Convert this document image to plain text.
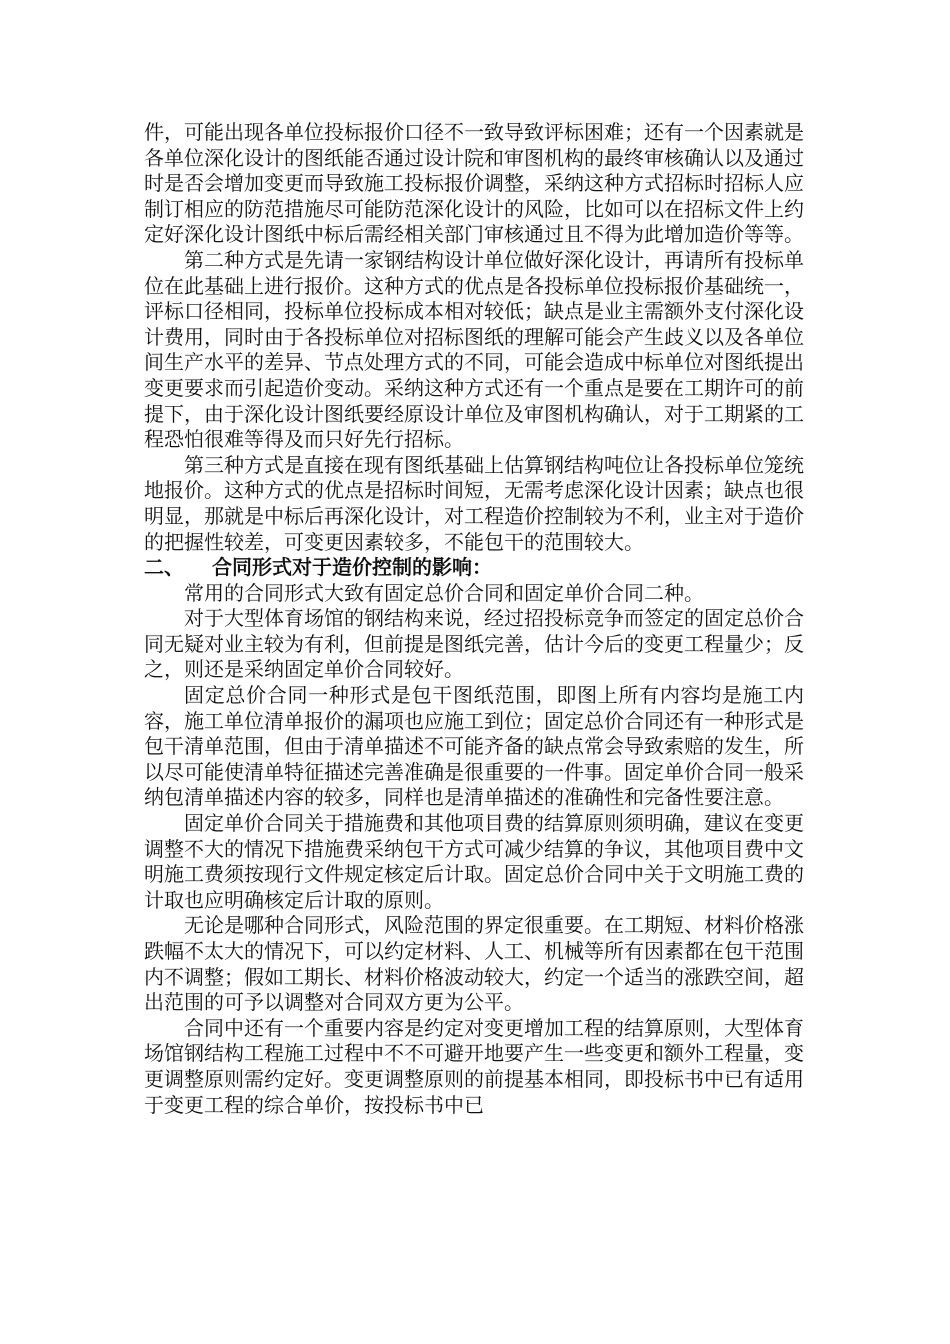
件，可能出现各单位投标报价口径不一致导致评标困难；还有一个因素就是各单位深化设计的图纸能否通过设计院和审图机构的最终审核确认以及通过时是否会增加变更而导致施工投标报价调整，采纳这种方式招标时招标人应制订相应的防范措施尽可能防范深化设计的风险，比如可以在招标文件上约定好深化设计图纸中标后需经相关部门审核通过且不得为此增加造价等等。

第二种方式是先请一家钢结构设计单位做好深化设计，再请所有投标单位在此基础上进行报价。这种方式的优点是各投标单位投标报价基础统一，评标口径相同，投标单位投标成本相对较低；缺点是业主需额外支付深化设计费用，同时由于各投标单位对招标图纸的理解可能会产生歧义以及各单位间生产水平的差异、节点处理方式的不同，可能会造成中标单位对图纸提出变更要求而引起造价变动。采纳这种方式还有一个重点是要在工期许可的前提下，由于深化设计图纸要经原设计单位及审图机构确认，对于工期紧的工程恐怕很难等得及而只好先行招标。

第三种方式是直接在现有图纸基础上估算钢结构吨位让各投标单位笼统地报价。这种方式的优点是招标时间短，无需考虑深化设计因素；缺点也很明显，那就是中标后再深化设计，对工程造价控制较为不利，业主对于造价的把握性较差，可变更因素较多，不能包干的范围较大。

二、	合同形式对于造价控制的影响：

常用的合同形式大致有固定总价合同和固定单价合同二种。

对于大型体育场馆的钢结构来说，经过招投标竞争而签定的固定总价合同无疑对业主较为有利，但前提是图纸完善，估计今后的变更工程量少；反之，则还是采纳固定单价合同较好。

固定总价合同一种形式是包干图纸范围，即图上所有内容均是施工内容，施工单位清单报价的漏项也应施工到位；固定总价合同还有一种形式是包干清单范围，但由于清单描述不可能齐备的缺点常会导致索赔的发生，所以尽可能使清单特征描述完善准确是很重要的一件事。固定单价合同一般采纳包清单描述内容的较多，同样也是清单描述的准确性和完备性要注意。

固定单价合同关于措施费和其他项目费的结算原则须明确，建议在变更调整不大的情况下措施费采纳包干方式可减少结算的争议，其他项目费中文明施工费须按现行文件规定核定后计取。固定总价合同中关于文明施工费的计取也应明确核定后计取的原则。

无论是哪种合同形式，风险范围的界定很重要。在工期短、材料价格涨跌幅不太大的情况下，可以约定材料、人工、机械等所有因素都在包干范围内不调整；假如工期长、材料价格波动较大，约定一个适当的涨跌空间，超出范围的可予以调整对合同双方更为公平。

合同中还有一个重要内容是约定对变更增加工程的结算原则，大型体育场馆钢结构工程施工过程中不不可避开地要产生一些变更和额外工程量，变更调整原则需约定好。变更调整原则的前提基本相同，即投标书中已有适用于变更工程的综合单价，按投标书中已
